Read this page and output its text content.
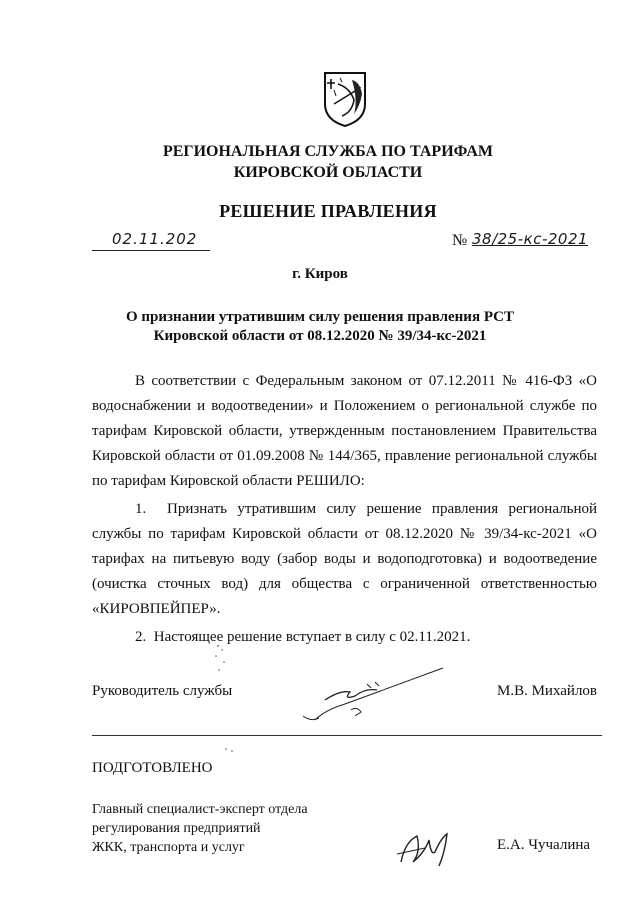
РЕГИОНАЛЬНАЯ СЛУЖБА ПО ТАРИФАМ
КИРОВСКОЙ ОБЛАСТИ
РЕШЕНИЕ ПРАВЛЕНИЯ
02.11.202	№ 38/25-кс-2021
г. Киров
О признании утратившим силу решения правления РСТ
Кировской области от 08.12.2020 № 39/34-кс-2021
В соответствии с Федеральным законом от 07.12.2011 № 416-ФЗ «О водоснабжении и водоотведении» и Положением о региональной службе по тарифам Кировской области, утвержденным постановлением Правительства Кировской области от 01.09.2008 № 144/365, правление региональной службы по тарифам Кировской области РЕШИЛО:
1.  Признать утратившим силу решение правления региональной службы по тарифам Кировской области от 08.12.2020 № 39/34-кс-2021 «О тарифах на питьевую воду (забор воды и водоподготовка) и водоотведение (очистка сточных вод) для общества с ограниченной ответственностью «КИРОВПЕЙПЕР».
2.  Настоящее решение вступает в силу с 02.11.2021.
Руководитель службы	М.В. Михайлов
ПОДГОТОВЛЕНО
Главный специалист-эксперт отдела
регулирования предприятий
ЖКК, транспорта и услуг	Е.А. Чучалина
